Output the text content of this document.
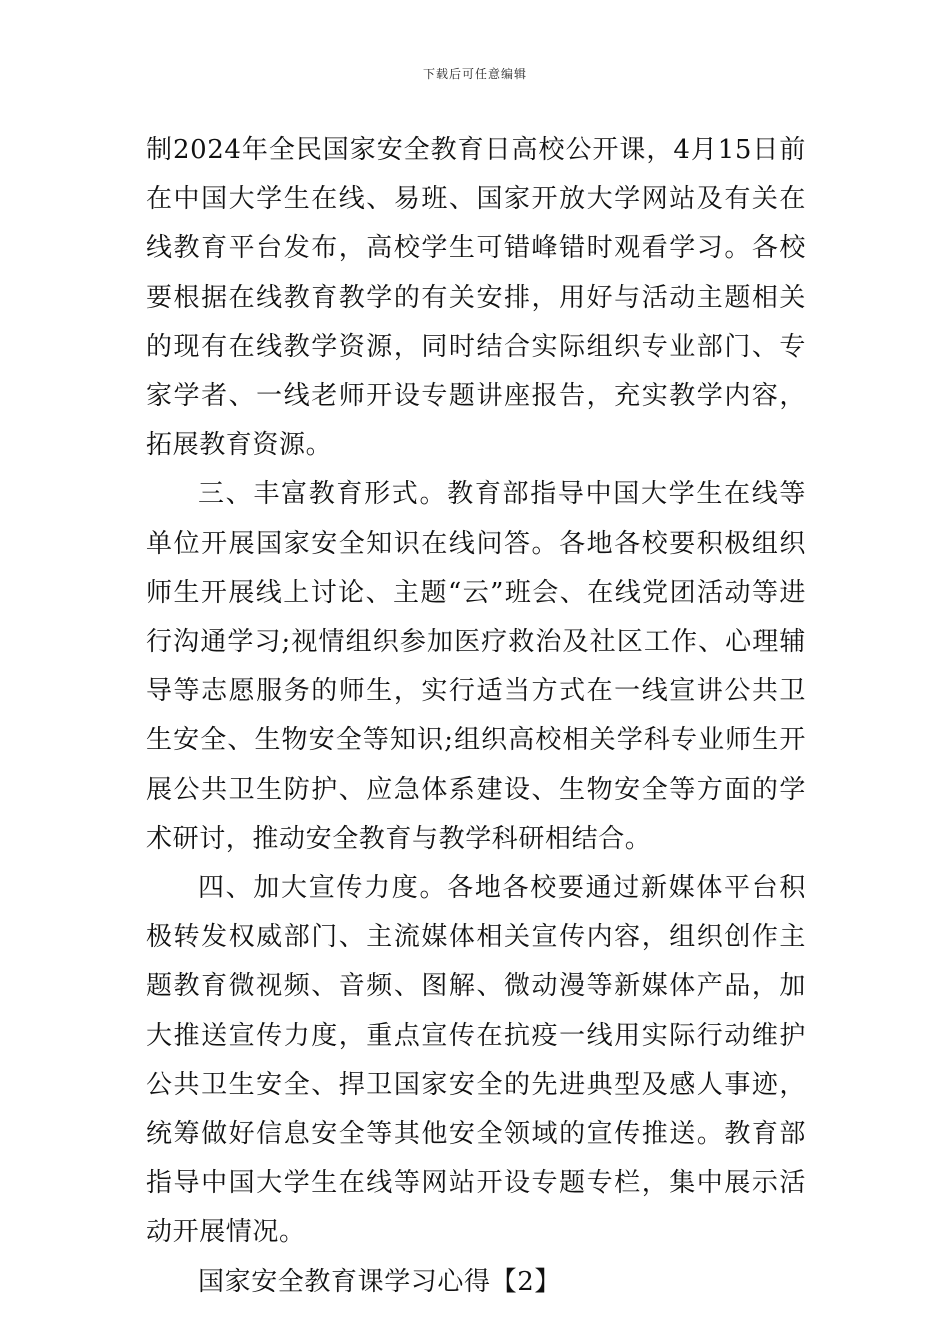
下载后可任意编辑

制2024年全民国家安全教育日高校公开课，4月15日前在中国大学生在线、易班、国家开放大学网站及有关在线教育平台发布，高校学生可错峰错时观看学习。各校要根据在线教育教学的有关安排，用好与活动主题相关的现有在线教学资源，同时结合实际组织专业部门、专家学者、一线老师开设专题讲座报告，充实教学内容，拓展教育资源。

三、丰富教育形式。教育部指导中国大学生在线等单位开展国家安全知识在线问答。各地各校要积极组织师生开展线上讨论、主题“云”班会、在线党团活动等进行沟通学习;视情组织参加医疗救治及社区工作、心理辅导等志愿服务的师生，实行适当方式在一线宣讲公共卫生安全、生物安全等知识;组织高校相关学科专业师生开展公共卫生防护、应急体系建设、生物安全等方面的学术研讨，推动安全教育与教学科研相结合。

四、加大宣传力度。各地各校要通过新媒体平台积极转发权威部门、主流媒体相关宣传内容，组织创作主题教育微视频、音频、图解、微动漫等新媒体产品，加大推送宣传力度，重点宣传在抗疫一线用实际行动维护公共卫生安全、捍卫国家安全的先进典型及感人事迹，统筹做好信息安全等其他安全领域的宣传推送。教育部指导中国大学生在线等网站开设专题专栏，集中展示活动开展情况。

国家安全教育课学习心得【2】
